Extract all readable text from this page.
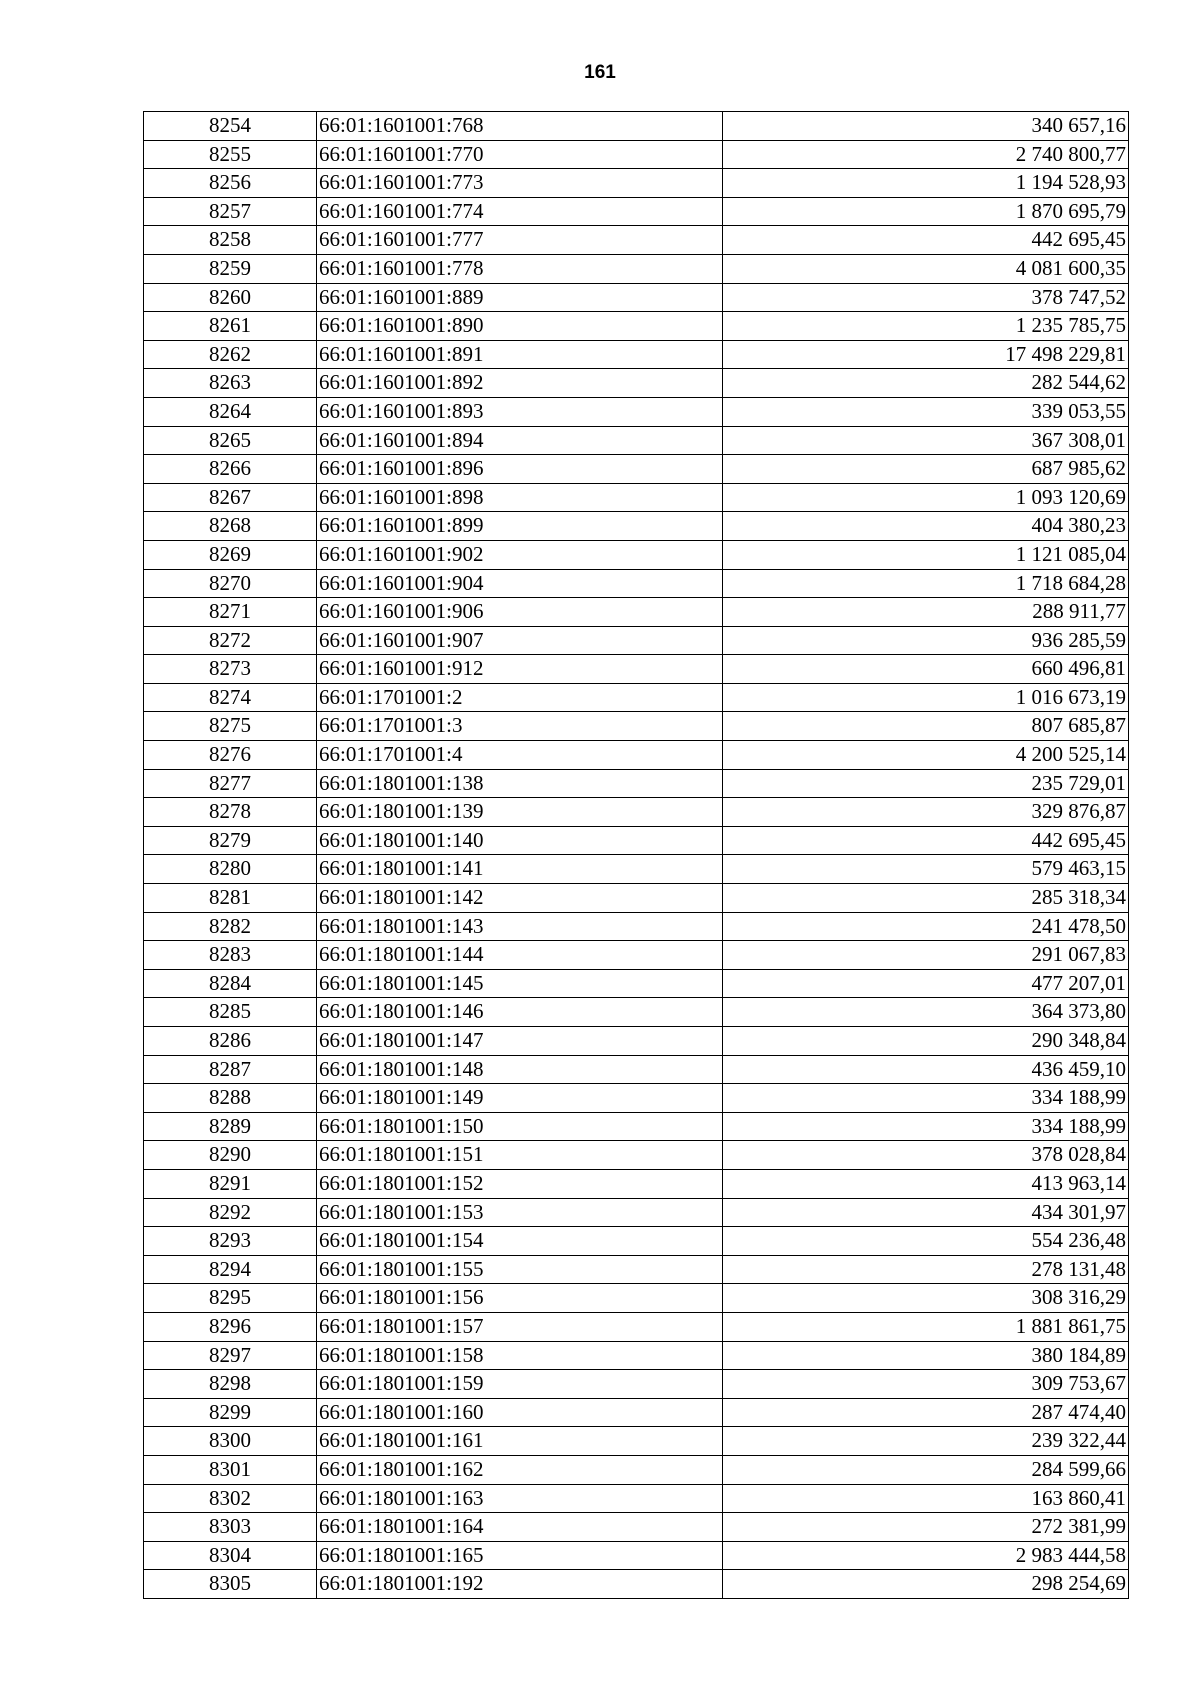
161
8254	66:01:1601001:768	340 657,16
8255	66:01:1601001:770	2 740 800,77
8256	66:01:1601001:773	1 194 528,93
8257	66:01:1601001:774	1 870 695,79
8258	66:01:1601001:777	442 695,45
8259	66:01:1601001:778	4 081 600,35
8260	66:01:1601001:889	378 747,52
8261	66:01:1601001:890	1 235 785,75
8262	66:01:1601001:891	17 498 229,81
8263	66:01:1601001:892	282 544,62
8264	66:01:1601001:893	339 053,55
8265	66:01:1601001:894	367 308,01
8266	66:01:1601001:896	687 985,62
8267	66:01:1601001:898	1 093 120,69
8268	66:01:1601001:899	404 380,23
8269	66:01:1601001:902	1 121 085,04
8270	66:01:1601001:904	1 718 684,28
8271	66:01:1601001:906	288 911,77
8272	66:01:1601001:907	936 285,59
8273	66:01:1601001:912	660 496,81
8274	66:01:1701001:2	1 016 673,19
8275	66:01:1701001:3	807 685,87
8276	66:01:1701001:4	4 200 525,14
8277	66:01:1801001:138	235 729,01
8278	66:01:1801001:139	329 876,87
8279	66:01:1801001:140	442 695,45
8280	66:01:1801001:141	579 463,15
8281	66:01:1801001:142	285 318,34
8282	66:01:1801001:143	241 478,50
8283	66:01:1801001:144	291 067,83
8284	66:01:1801001:145	477 207,01
8285	66:01:1801001:146	364 373,80
8286	66:01:1801001:147	290 348,84
8287	66:01:1801001:148	436 459,10
8288	66:01:1801001:149	334 188,99
8289	66:01:1801001:150	334 188,99
8290	66:01:1801001:151	378 028,84
8291	66:01:1801001:152	413 963,14
8292	66:01:1801001:153	434 301,97
8293	66:01:1801001:154	554 236,48
8294	66:01:1801001:155	278 131,48
8295	66:01:1801001:156	308 316,29
8296	66:01:1801001:157	1 881 861,75
8297	66:01:1801001:158	380 184,89
8298	66:01:1801001:159	309 753,67
8299	66:01:1801001:160	287 474,40
8300	66:01:1801001:161	239 322,44
8301	66:01:1801001:162	284 599,66
8302	66:01:1801001:163	163 860,41
8303	66:01:1801001:164	272 381,99
8304	66:01:1801001:165	2 983 444,58
8305	66:01:1801001:192	298 254,69
